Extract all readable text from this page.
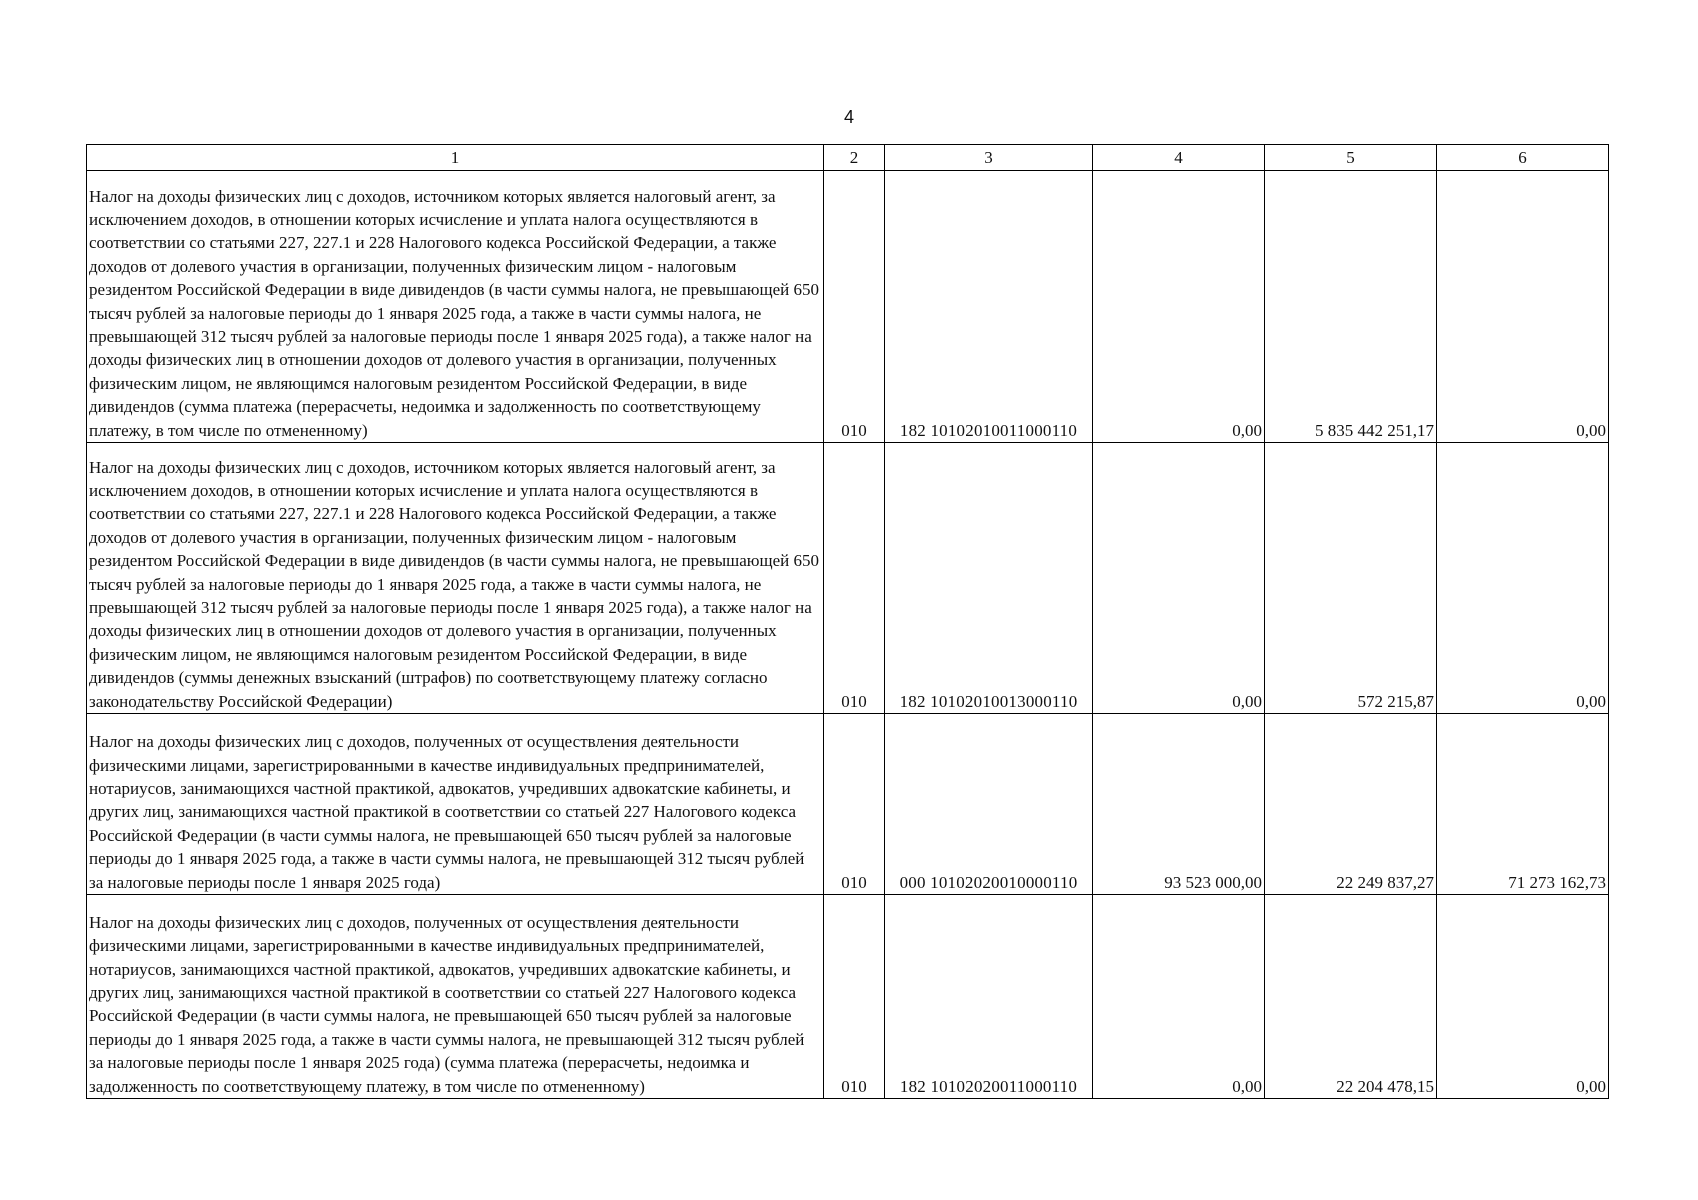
4
1	2	3	4	5	6

Налог на доходы физических лиц с доходов, источником которых является налоговый агент, за исключением доходов, в отношении которых исчисление и уплата налога осуществляются в соответствии со статьями 227, 227.1 и 228 Налогового кодекса Российской Федерации, а также доходов от долевого участия в организации, полученных физическим лицом - налоговым резидентом Российской Федерации в виде дивидендов (в части суммы налога, не превышающей 650 тысяч рублей за налоговые периоды до 1 января 2025 года, а также в части суммы налога, не превышающей 312 тысяч рублей за налоговые периоды после 1 января 2025 года), а также налог на доходы физических лиц в отношении доходов от долевого участия в организации, полученных физическим лицом, не являющимся налоговым резидентом Российской Федерации, в виде дивидендов (сумма платежа (перерасчеты, недоимка и задолженность по соответствующему платежу, в том числе по отмененному)	010	182 10102010011000110	0,00	5 835 442 251,17	0,00

Налог на доходы физических лиц с доходов, источником которых является налоговый агент, за исключением доходов, в отношении которых исчисление и уплата налога осуществляются в соответствии со статьями 227, 227.1 и 228 Налогового кодекса Российской Федерации, а также доходов от долевого участия в организации, полученных физическим лицом - налоговым резидентом Российской Федерации в виде дивидендов (в части суммы налога, не превышающей 650 тысяч рублей за налоговые периоды до 1 января 2025 года, а также в части суммы налога, не превышающей 312 тысяч рублей за налоговые периоды после 1 января 2025 года), а также налог на доходы физических лиц в отношении доходов от долевого участия в организации, полученных физическим лицом, не являющимся налоговым резидентом Российской Федерации, в виде дивидендов (суммы денежных взысканий (штрафов) по соответствующему платежу согласно законодательству Российской Федерации)	010	182 10102010013000110	0,00	572 215,87	0,00

Налог на доходы физических лиц с доходов, полученных от осуществления деятельности физическими лицами, зарегистрированными в качестве индивидуальных предпринимателей, нотариусов, занимающихся частной практикой, адвокатов, учредивших адвокатские кабинеты, и других лиц, занимающихся частной практикой в соответствии со статьей 227 Налогового кодекса Российской Федерации (в части суммы налога, не превышающей 650 тысяч рублей за налоговые периоды до 1 января 2025 года, а также в части суммы налога, не превышающей 312 тысяч рублей за налоговые периоды после 1 января 2025 года)	010	000 10102020010000110	93 523 000,00	22 249 837,27	71 273 162,73

Налог на доходы физических лиц с доходов, полученных от осуществления деятельности физическими лицами, зарегистрированными в качестве индивидуальных предпринимателей, нотариусов, занимающихся частной практикой, адвокатов, учредивших адвокатские кабинеты, и других лиц, занимающихся частной практикой в соответствии со статьей 227 Налогового кодекса Российской Федерации (в части суммы налога, не превышающей 650 тысяч рублей за налоговые периоды до 1 января 2025 года, а также в части суммы налога, не превышающей 312 тысяч рублей за налоговые периоды после 1 января 2025 года) (сумма платежа (перерасчеты, недоимка и задолженность по соответствующему платежу, в том числе по отмененному)	010	182 10102020011000110	0,00	22 204 478,15	0,00
